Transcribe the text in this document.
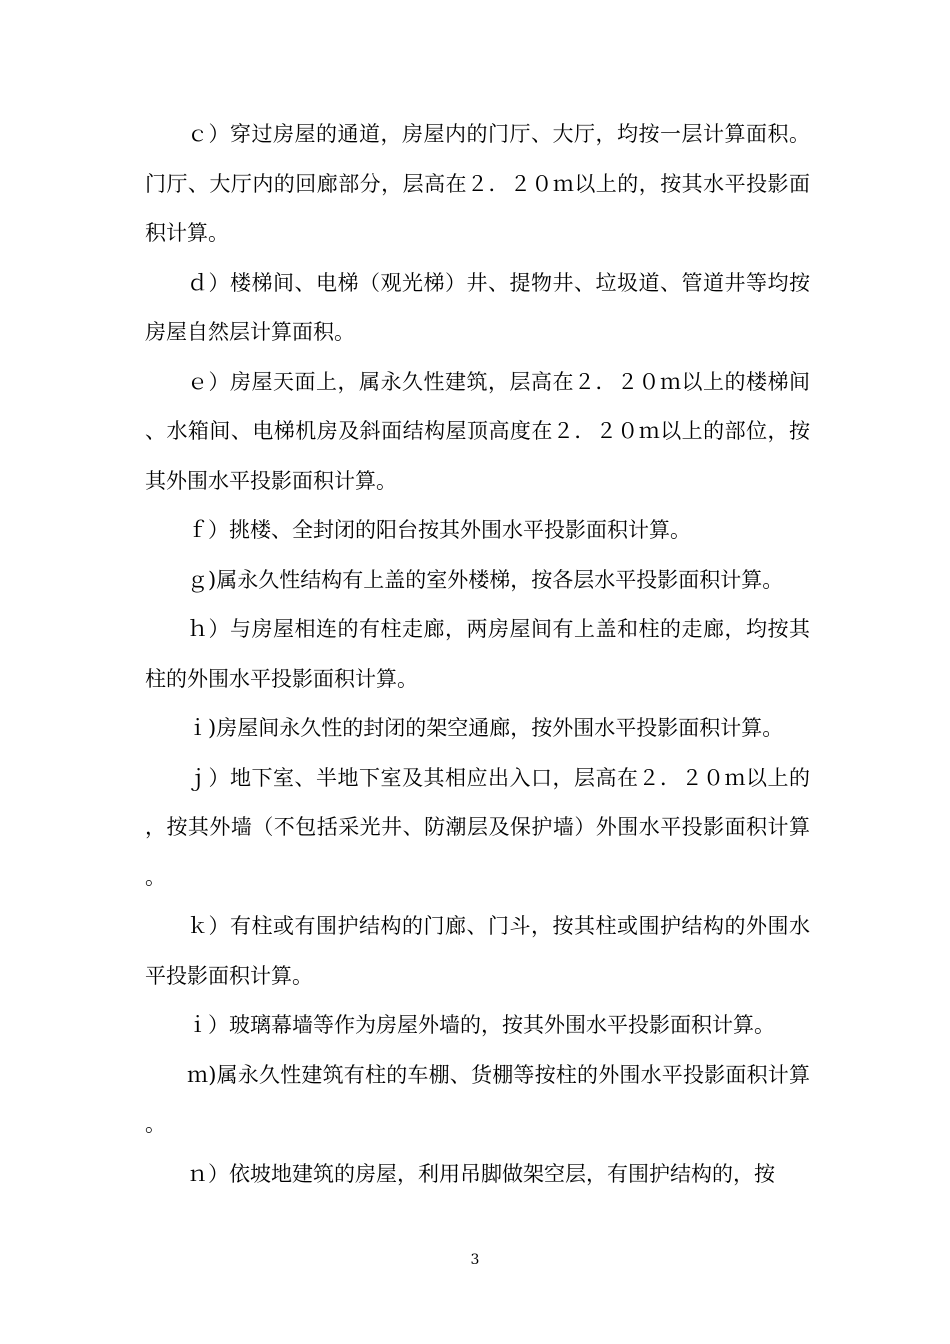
ｃ）穿过房屋的通道，房屋内的门厅、大厅，均按一层计算面积。门厅、大厅内的回廊部分，层高在２．２０ｍ以上的，按其水平投影面积计算。

ｄ）楼梯间、电梯（观光梯）井、提物井、垃圾道、管道井等均按房屋自然层计算面积。

ｅ）房屋天面上，属永久性建筑，层高在２．２０ｍ以上的楼梯间、水箱间、电梯机房及斜面结构屋顶高度在２．２０ｍ以上的部位，按其外围水平投影面积计算。

ｆ）挑楼、全封闭的阳台按其外围水平投影面积计算。

ｇ)属永久性结构有上盖的室外楼梯，按各层水平投影面积计算。

ｈ）与房屋相连的有柱走廊，两房屋间有上盖和柱的走廊，均按其柱的外围水平投影面积计算。

ｉ)房屋间永久性的封闭的架空通廊，按外围水平投影面积计算。

ｊ）地下室、半地下室及其相应出入口，层高在２．２０ｍ以上的，按其外墙（不包括采光井、防潮层及保护墙）外围水平投影面积计算。

ｋ）有柱或有围护结构的门廊、门斗，按其柱或围护结构的外围水平投影面积计算。

ｉ）玻璃幕墙等作为房屋外墙的，按其外围水平投影面积计算。

ｍ)属永久性建筑有柱的车棚、货棚等按柱的外围水平投影面积计算。

ｎ）依坡地建筑的房屋，利用吊脚做架空层，有围护结构的，按

3
